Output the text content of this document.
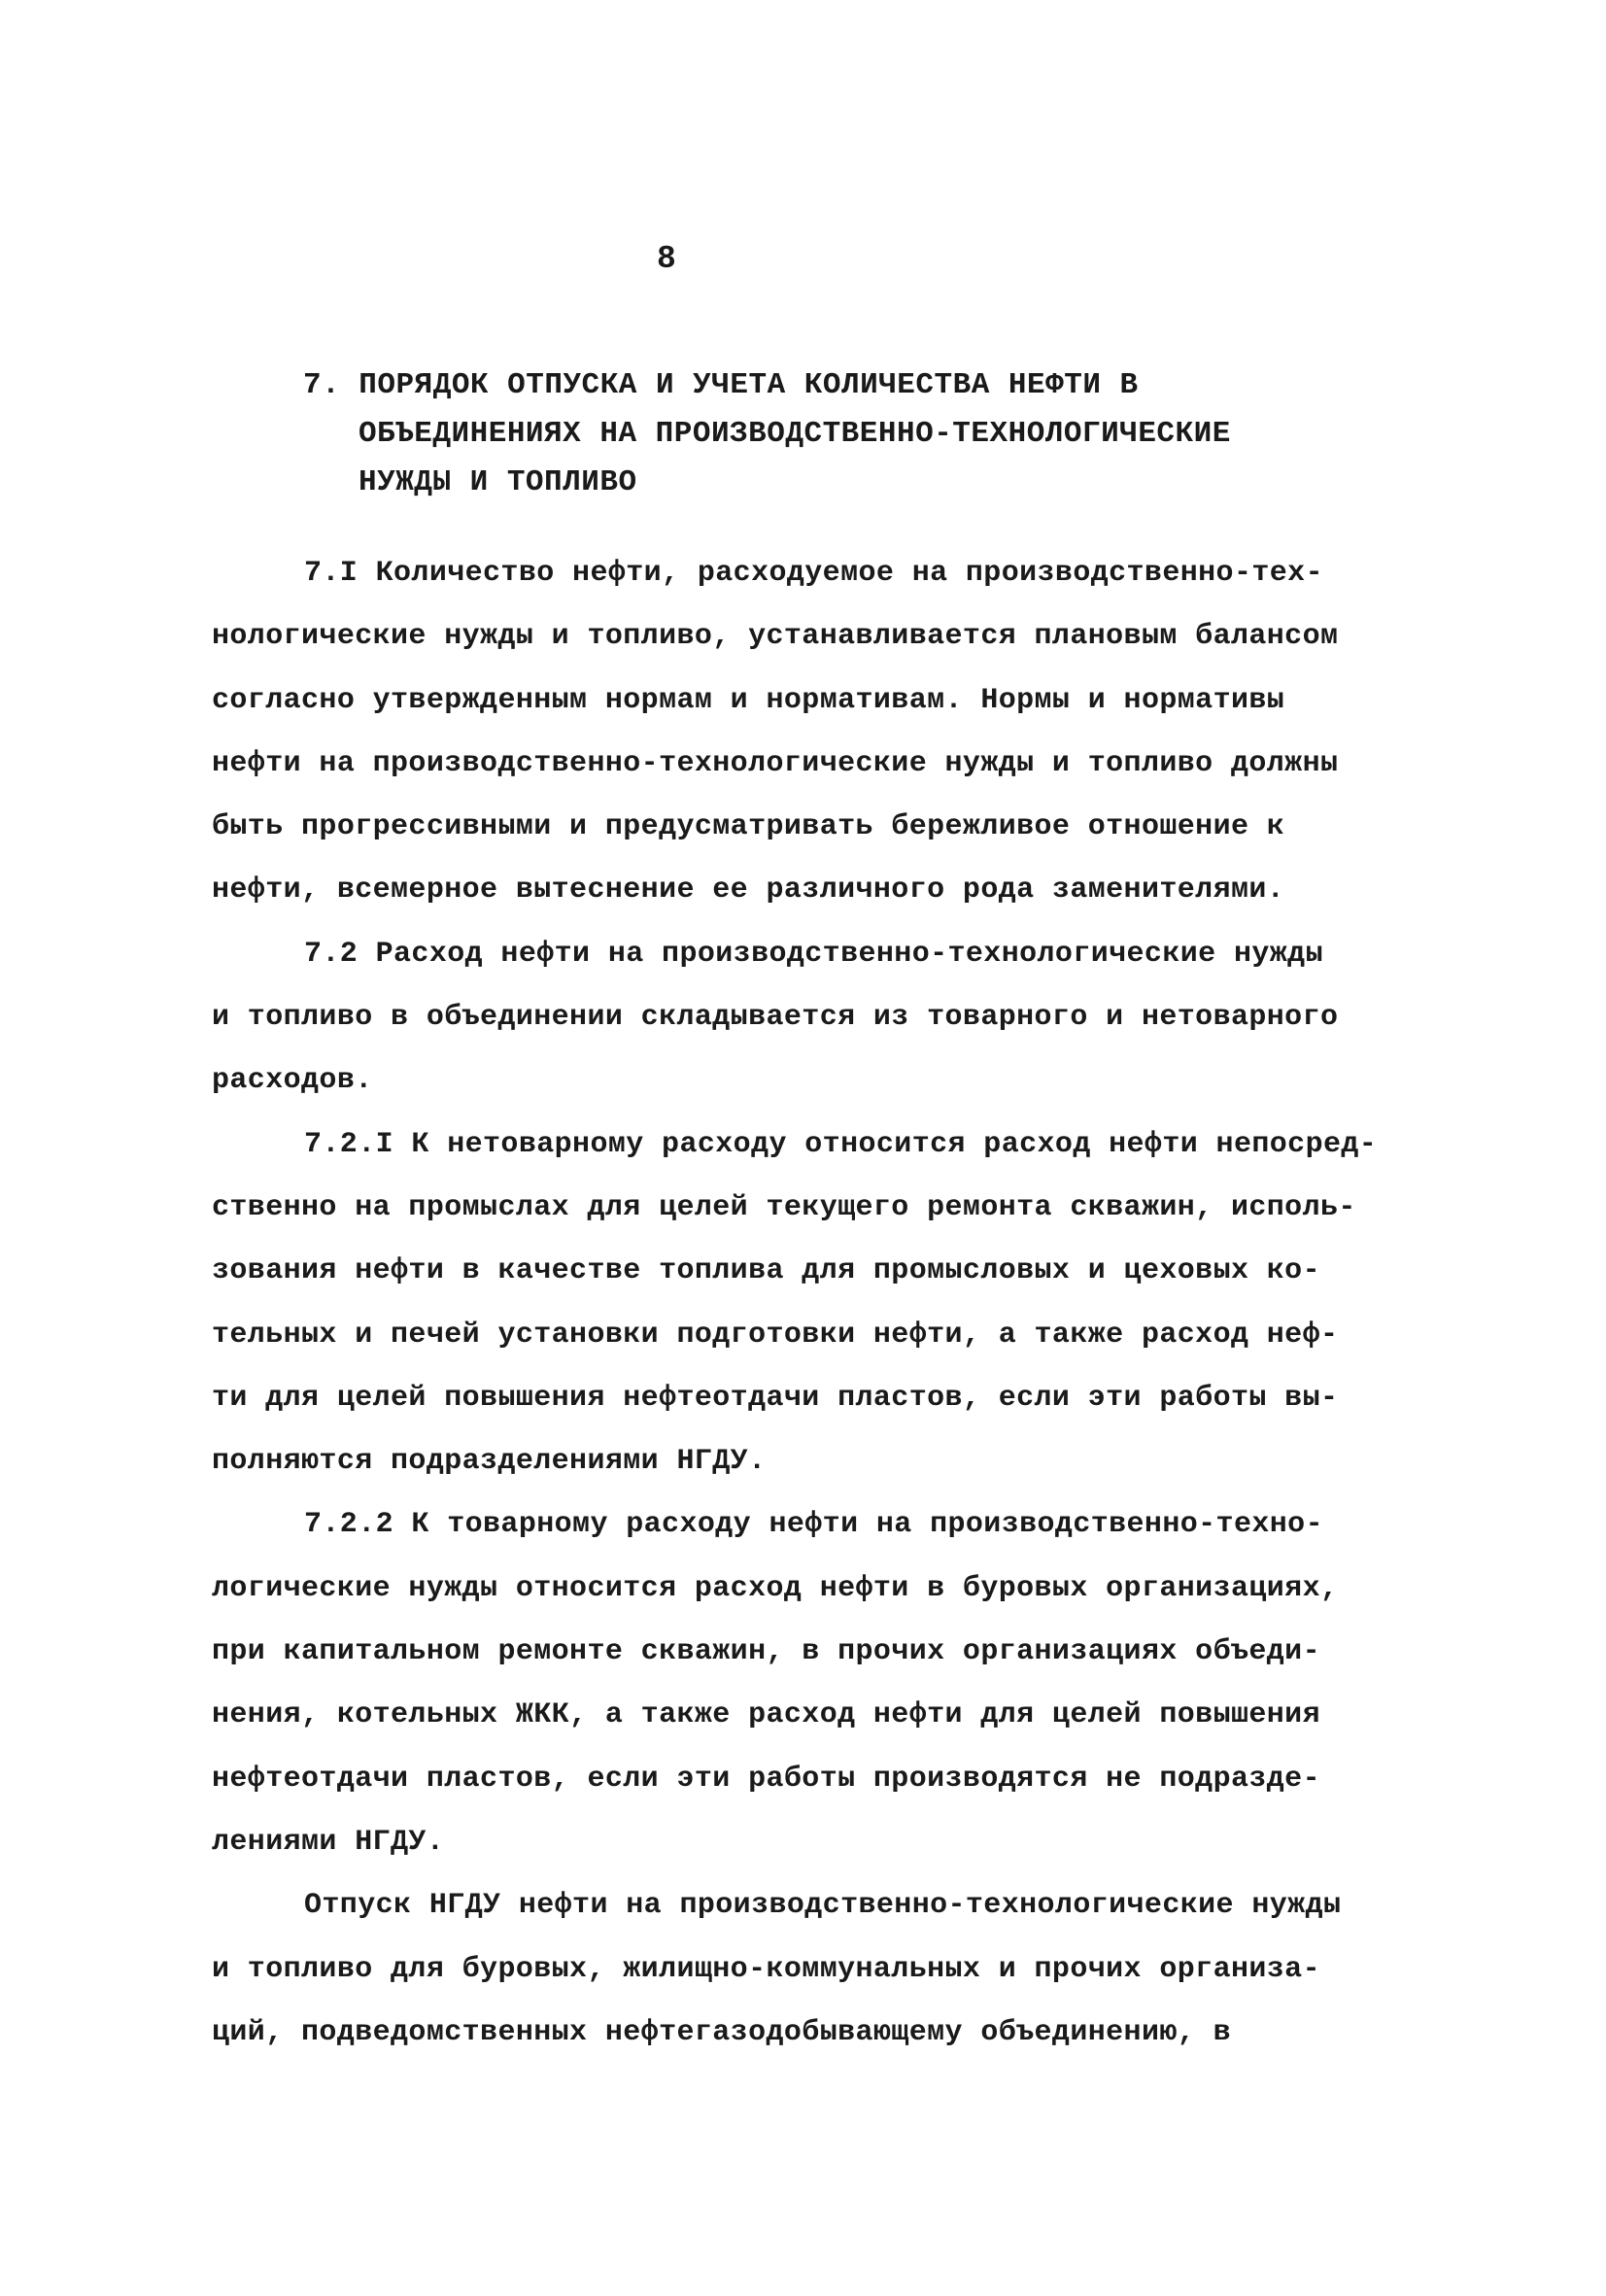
8
7. ПОРЯДОК ОТПУСКА И УЧЕТА КОЛИЧЕСТВА НЕФТИ В
ОБЪЕДИНЕНИЯХ НА ПРОИЗВОДСТВЕННО-ТЕХНОЛОГИЧЕСКИЕ
НУЖДЫ И ТОПЛИВО
7.I Количество нефти, расходуемое на производственно-тех-
нологические нужды и топливо, устанавливается плановым балансом
согласно утвержденным нормам и нормативам. Нормы и нормативы
нефти на производственно-технологические нужды и топливо должны
быть прогрессивными и предусматривать бережливое отношение к
нефти, всемерное вытеснение ее различного рода заменителями.
7.2 Расход нефти на производственно-технологические нужды
и топливо в объединении складывается из товарного и нетоварного
расходов.
7.2.I К нетоварному расходу относится расход нефти непосред-
ственно на промыслах для целей текущего ремонта скважин, исполь-
зования нефти в качестве топлива для промысловых и цеховых ко-
тельных и печей установки подготовки нефти, а также расход неф-
ти для целей повышения нефтеотдачи пластов, если эти работы вы-
полняются подразделениями НГДУ.
7.2.2 К товарному расходу нефти на производственно-техно-
логические нужды относится расход нефти в буровых организациях,
при капитальном ремонте скважин, в прочих организациях объеди-
нения, котельных ЖКК, а также расход нефти для целей повышения
нефтеотдачи пластов, если эти работы производятся не подразде-
лениями НГДУ.
Отпуск НГДУ нефти на производственно-технологические нужды
и топливо для буровых, жилищно-коммунальных и прочих организа-
ций, подведомственных нефтегазодобывающему объединению, в
